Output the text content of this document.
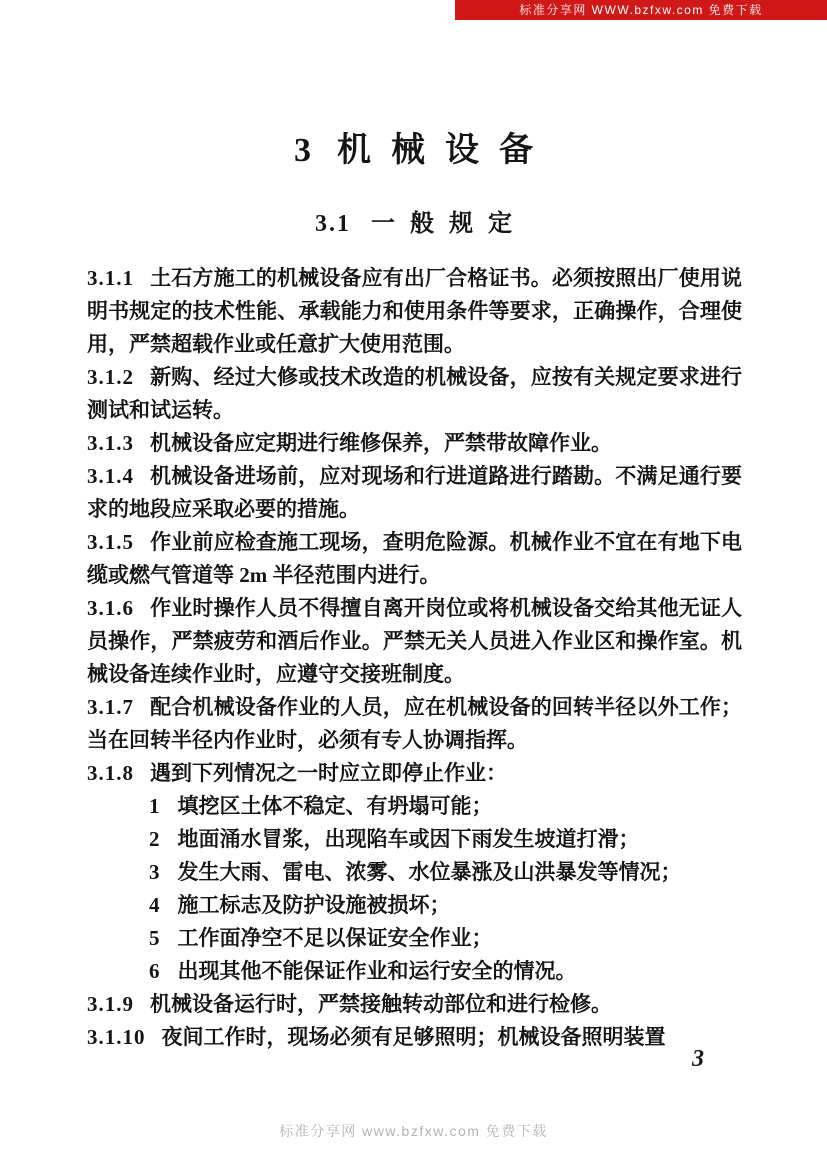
标准分享网 WWW.bzfxw.com 免费下载
3 机械设备
3.1 一般规定

3.1.1 土石方施工的机械设备应有出厂合格证书。必须按照出厂使用说明书规定的技术性能、承载能力和使用条件等要求，正确操作，合理使用，严禁超载作业或任意扩大使用范围。

3.1.2 新购、经过大修或技术改造的机械设备，应按有关规定要求进行测试和试运转。

3.1.3 机械设备应定期进行维修保养，严禁带故障作业。

3.1.4 机械设备进场前，应对现场和行进道路进行踏勘。不满足通行要求的地段应采取必要的措施。

3.1.5 作业前应检查施工现场，查明危险源。机械作业不宜在有地下电缆或燃气管道等 2m 半径范围内进行。

3.1.6 作业时操作人员不得擅自离开岗位或将机械设备交给其他无证人员操作，严禁疲劳和酒后作业。严禁无关人员进入作业区和操作室。机械设备连续作业时，应遵守交接班制度。

3.1.7 配合机械设备作业的人员，应在机械设备的回转半径以外工作；当在回转半径内作业时，必须有专人协调指挥。

3.1.8 遇到下列情况之一时应立即停止作业：

1 填挖区土体不稳定、有坍塌可能；

2 地面涌水冒浆，出现陷车或因下雨发生坡道打滑；

3 发生大雨、雷电、浓雾、水位暴涨及山洪暴发等情况；

4 施工标志及防护设施被损坏；

5 工作面净空不足以保证安全作业；

6 出现其他不能保证作业和运行安全的情况。

3.1.9 机械设备运行时，严禁接触转动部位和进行检修。

3.1.10 夜间工作时，现场必须有足够照明；机械设备照明装置

3
标准分享网 www.bzfxw.com 免费下载
